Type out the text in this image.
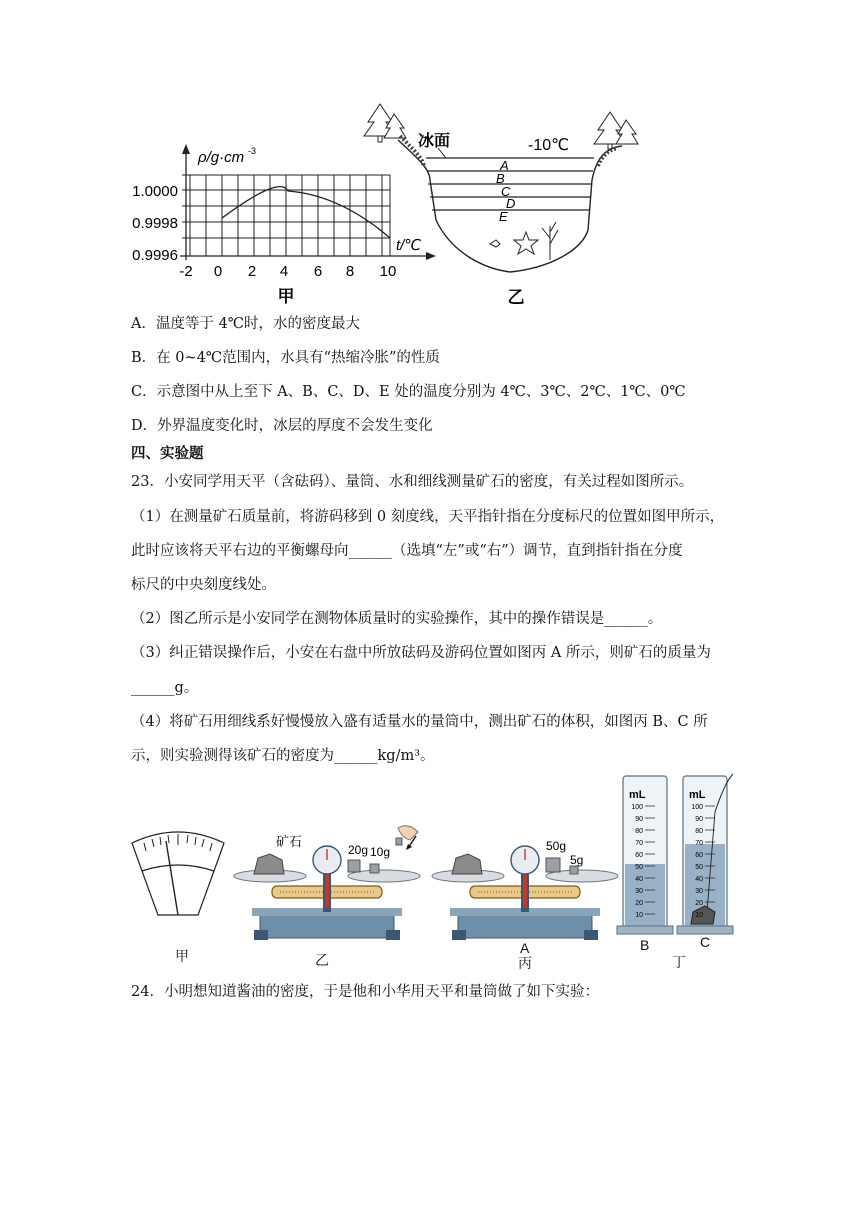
ρ/g·cm -3
t/℃
1.0000
0.9998
0.9996
-2 0 2 4 6 8 10
甲
冰面	-10℃
A
B
C
D
E
乙
A．温度等于 4℃时，水的密度最大
B．在 0~4℃范围内，水具有“热缩冷胀”的性质
C．示意图中从上至下 A、B、C、D、E 处的温度分别为 4℃、3℃、2℃、1℃、0℃
D．外界温度变化时，冰层的厚度不会发生变化
四、实验题
23．小安同学用天平（含砝码）、量筒、水和细线测量矿石的密度，有关过程如图所示。
（1）在测量矿石质量前，将游码移到 0 刻度线，天平指针指在分度标尺的位置如图甲所示，
此时应该将天平右边的平衡螺母向______（选填“左”或“右”）调节，直到指针指在分度
标尺的中央刻度线处。
（2）图乙所示是小安同学在测物体质量时的实验操作，其中的操作错误是______。
（3）纠正错误操作后，小安在右盘中所放砝码及游码位置如图丙 A 所示，则矿石的质量为
______g。
（4）将矿石用细线系好慢慢放入盛有适量水的量筒中，测出矿石的体积，如图丙 B、C 所
示，则实验测得该矿石的密度为______kg/m³。
矿石
20g 10g	50g
5g
mL
100
90
80
70
60
50
40
30
20
10
mL
100
90
80
70
60
50
40
30
20
10
甲	乙
A
丙
B	C
丁
24．小明想知道酱油的密度，于是他和小华用天平和量筒做了如下实验：
